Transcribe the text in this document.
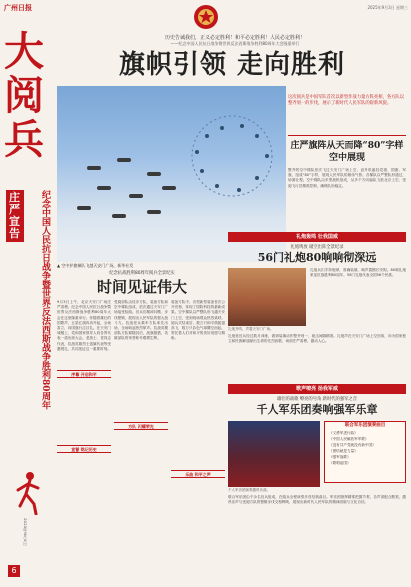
广州日报	2025年9月3日 星期三
大阅兵
庄严宣告	纪念中国人民抗日战争暨世界反法西斯战争胜利80周年
2025年9月3日
6
历史告诫我们，正义必定胜利！和平必定胜利！人民必定胜利！
——纪念中国人民抗日战争暨世界反法西斯战争胜利80周年大会隆重举行
旗帜引领 走向胜利
▲ 空中护旗梯队飞越天安门广场。新华社发
这次阅兵是中国军队首次以新型作战力量方阵亮相，各方队以整齐划一的步伐，展示了新时代人民军队的崭新风貌。
庄严旗阵从天而降“80”字样空中展现
整齐的空中梯队依次飞过天安门广场上空，直升机悬挂党旗、国旗、军旗，组成“80”字样，展现人民军队的雄伟气势。各梯队以严整队形通过，场面壮观。空中梯队由多型战机组成，从多个方向编队飞抵北京上空，受阅飞行员精准控制，确保队形稳定。
礼炮轰鸣 壮我国威
礼炮鸣放 破空出阵全景纪录
56门礼炮80响响彻深远
礼炮齐鸣，声震天安门广场。
礼炮兵们手持炮弹，准确装填，响声震撼长安街。80响礼炮象征抗战胜利80周年，56门礼炮代表全国56个民族。
礼炮营官兵经过数月训练，做到装填动作整齐划一，射击间隔精准。礼炮声在天安门广场上空回荡，向为国家独立和民族解放献出生命的先烈致敬，场面庄严肃穆，激动人心。
歌声嘹亮 扬我军威
雄壮的战歌 嘹亮的号角 新时代的强军之音
千人军乐团奏响强军乐章
千人军乐团演奏激昂乐曲。
联合军乐团演奏曲目
《义勇军进行曲》
《中国人民解放军军歌》
《没有共产党就没有新中国》
《团结就是力量》
《强军战歌》
《歌唱祖国》
联合军乐团由千余名官兵组成，在阅兵全程演奏多首经典曲目。军乐团指挥精准把握节奏，各声部配合默契，激昂乐声与受阅方队的铿锵步伐交相辉映，展现出新时代人民军队的精神面貌与文化自信。
纪念抗战胜利80周年阅兵全景纪实
时间见证伟大
9月3日上午，北京天安门广场庄严肃穆。纪念中国人民抗日战争暨世界反法西斯战争胜利80周年大会在这里隆重举行。伴随着雄壮的国歌声，五星红旗冉冉升起，全场肃立，向国旗行注目礼。在天安门城楼上，党和国家领导人同各界代表一道出席大会。老战士、老同志代表，抗战英雄烈士遗属代表等受邀观礼，共同见证这一重要时刻。
序幕 开启和平
宣誓 铭记历史
受阅部队由徒步方队、装备方队和空中梯队组成，依次通过天安门广场接受检阅。官兵们精神抖擞、步伐铿锵，展现出人民军队的强大战斗力。抗战老兵乘车方队率先出场，全场响起热烈掌声。抗战英模部队方队紧随其后，战旗猎猎，英雄部队的荣誉称号熠熠生辉。
方队 闪耀荣光
装备方队中，各型新型装备首次公开亮相，体现了国防科技的最新成果。空中梯队以严整队形飞越天安门上空，受到现场观众热烈欢呼。阅兵式结束后，数万只和平鸽振翅高飞，数万只彩色气球腾空而起，寄托着人们对和平的美好祝愿与期盼。
乐曲 和平之声
